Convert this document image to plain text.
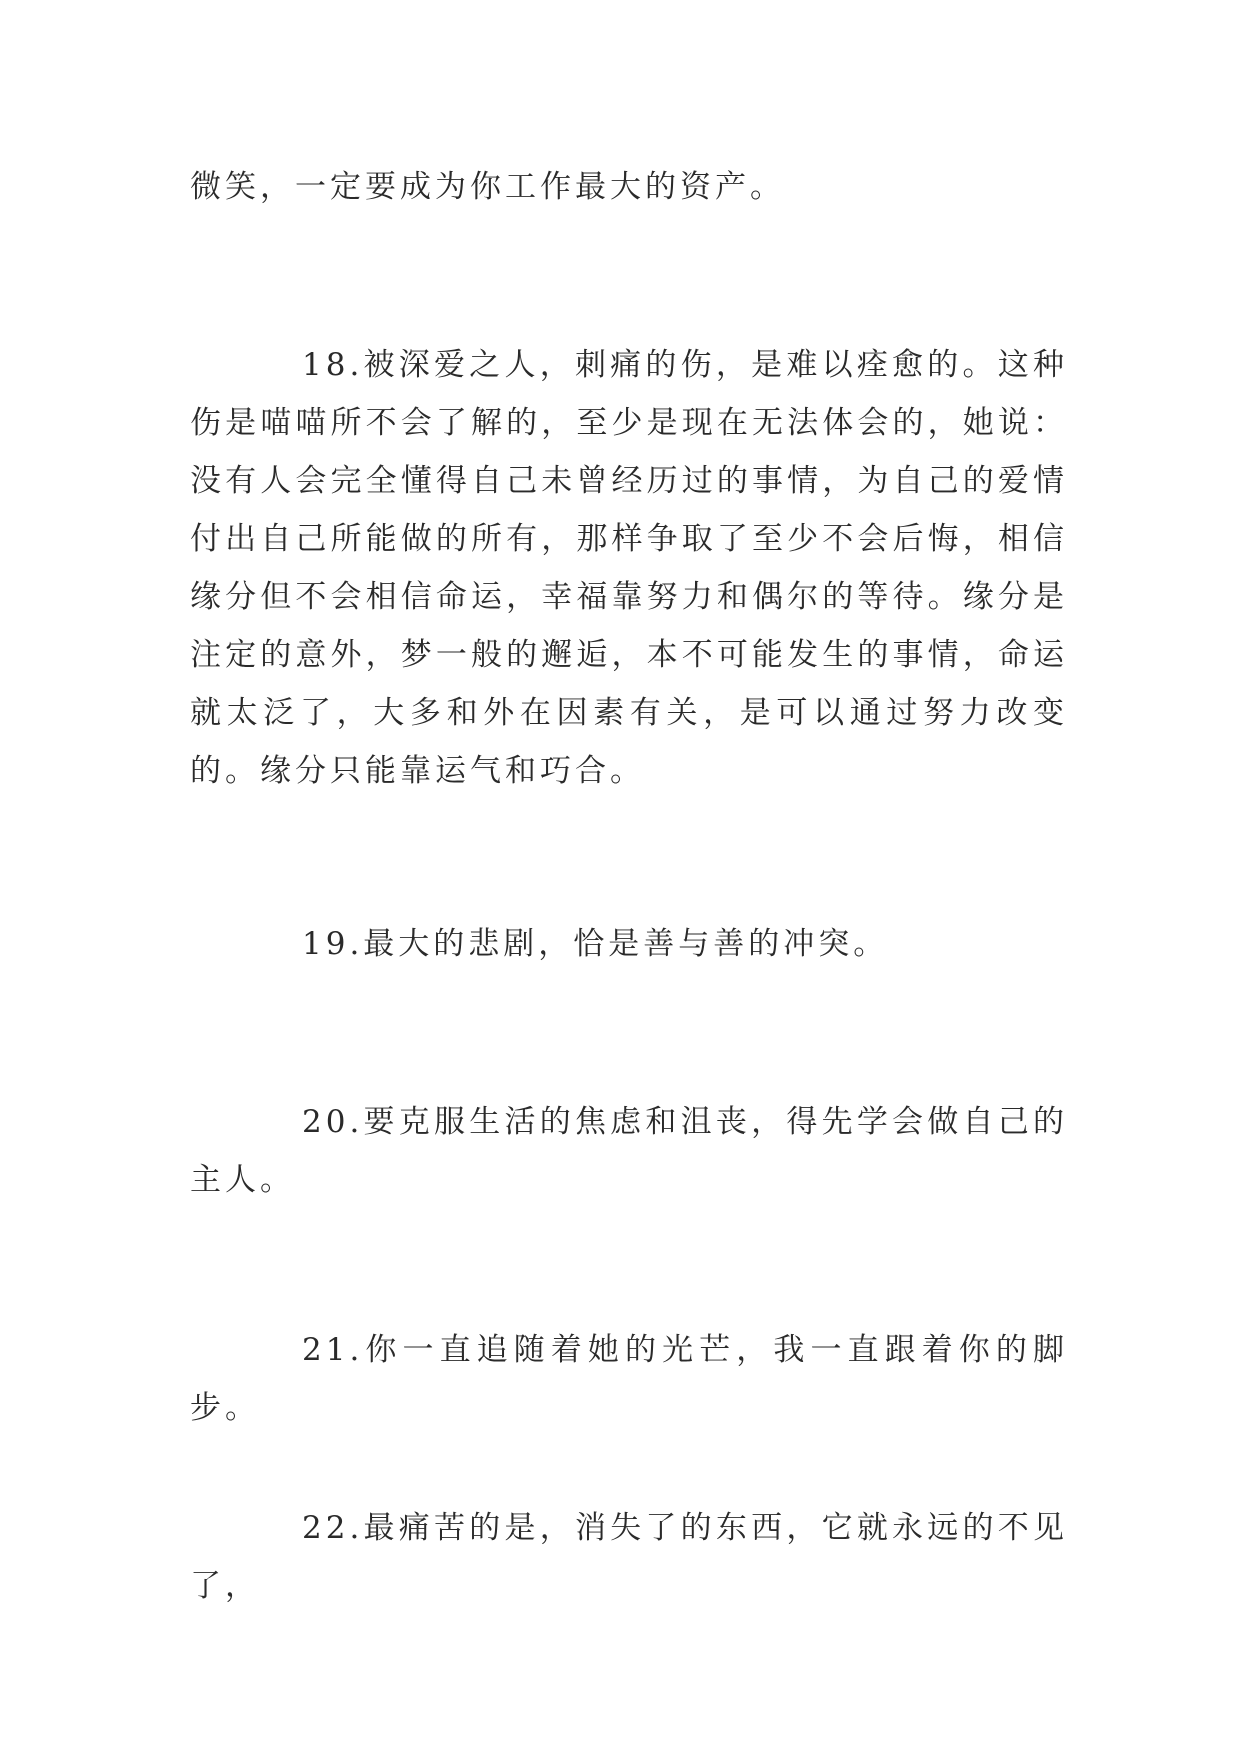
微笑，一定要成为你工作最大的资产。

18.被深爱之人，刺痛的伤，是难以痊愈的。这种伤是喵喵所不会了解的，至少是现在无法体会的，她说：没有人会完全懂得自己未曾经历过的事情，为自己的爱情付出自己所能做的所有，那样争取了至少不会后悔，相信缘分但不会相信命运，幸福靠努力和偶尔的等待。缘分是注定的意外，梦一般的邂逅，本不可能发生的事情，命运就太泛了，大多和外在因素有关，是可以通过努力改变的。缘分只能靠运气和巧合。

19.最大的悲剧，恰是善与善的冲突。

20.要克服生活的焦虑和沮丧，得先学会做自己的主人。

21.你一直追随着她的光芒，我一直跟着你的脚步。

22.最痛苦的是，消失了的东西，它就永远的不见了，
